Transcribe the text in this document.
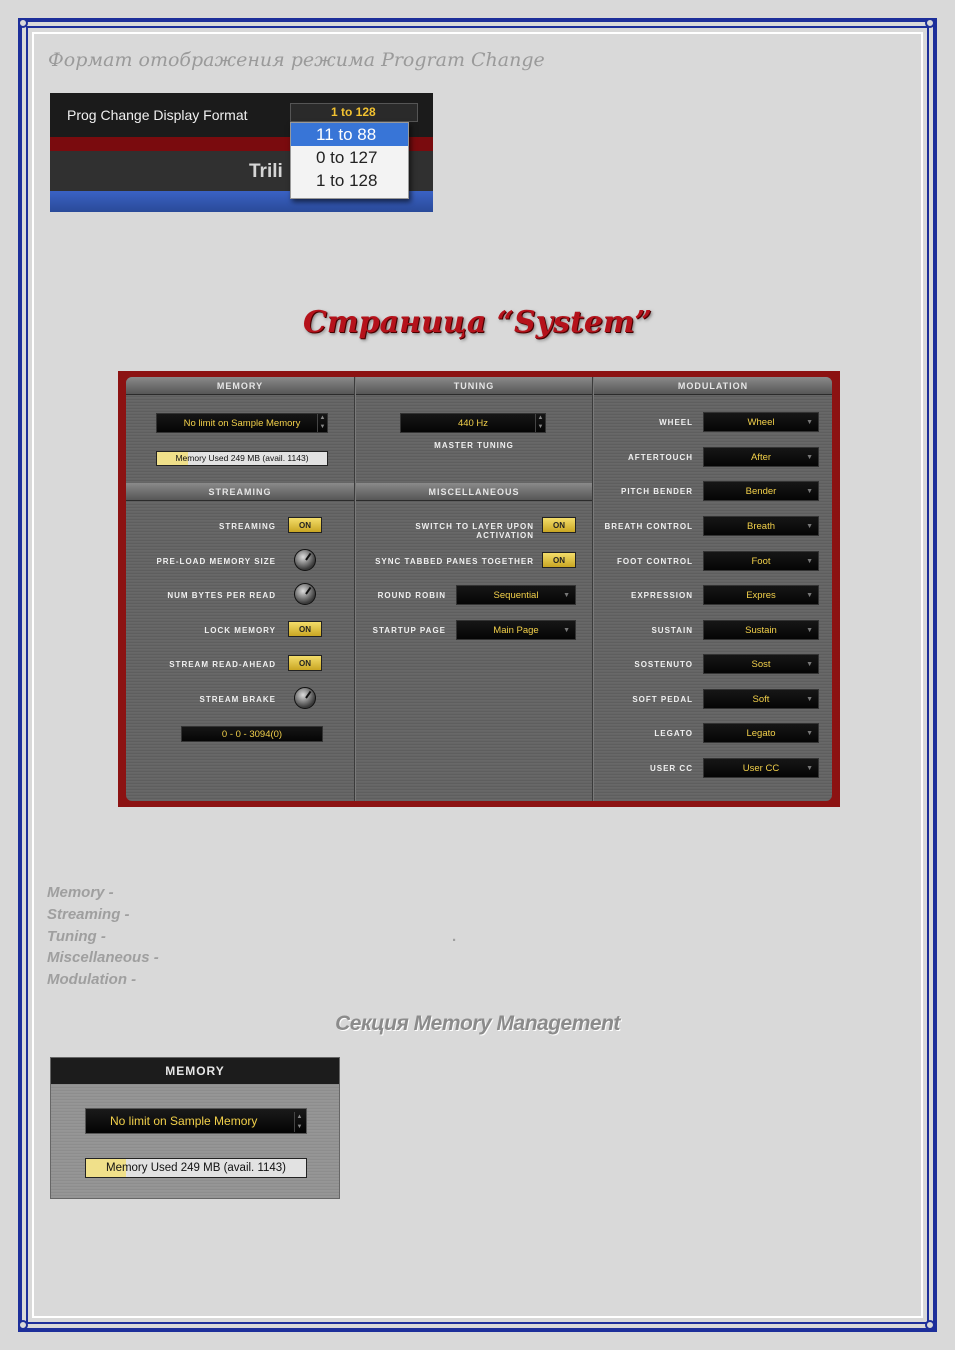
Формат отображения режима Program Change
Prog Change Display Format
Trili
1 to 128
11 to 88
0 to 127
1 to 128
Страница “System”
MEMORY	TUNING	MODULATION
STREAMING	MISCELLANEOUS
No limit on Sample Memory	▲
▼
Memory Used 249 MB (avail. 1143)
440 Hz	▲
▼
MASTER TUNING
STREAMING	ON
PRE-LOAD MEMORY SIZE
NUM BYTES PER READ
LOCK MEMORY	ON
STREAM READ-AHEAD	ON
STREAM BRAKE
0 - 0 - 3094(0)
SWITCH TO LAYER UPON ACTIVATION
ON
SYNC TABBED PANES TOGETHER	ON
ROUND ROBIN	Sequential	▼
STARTUP PAGE	Main Page	▼
WHEEL	Wheel	▼
AFTERTOUCH	After	▼
PITCH BENDER	Bender	▼
BREATH CONTROL	Breath	▼
FOOT CONTROL	Foot	▼
EXPRESSION	Expres	▼
SUSTAIN	Sustain	▼
SOSTENUTO	Sost	▼
SOFT PEDAL	Soft	▼
LEGATO	Legato	▼
USER CC	User CC	▼
Memory -
Streaming -
Tuning -	.
Miscellaneous -
Modulation -
Секция Memory Management
MEMORY
No limit on Sample Memory	▲
▼
Memory Used 249 MB (avail. 1143)
